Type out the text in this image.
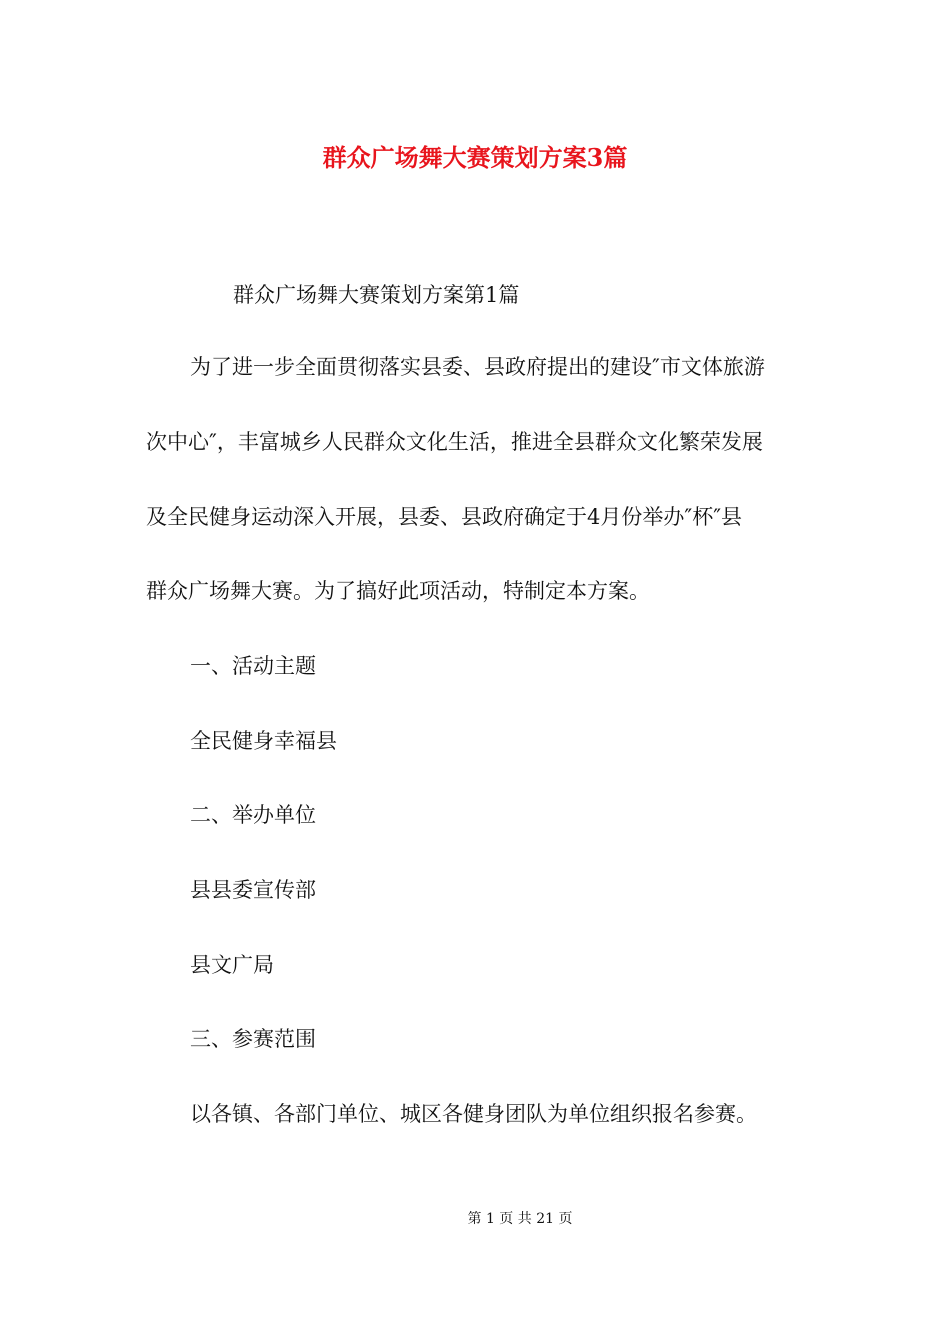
群众广场舞大赛策划方案3篇

群众广场舞大赛策划方案第1篇

为了进一步全面贯彻落实县委、县政府提出的建设″市文体旅游

次中心″，丰富城乡人民群众文化生活，推进全县群众文化繁荣发展

及全民健身运动深入开展，县委、县政府确定于4月份举办″杯″县

群众广场舞大赛。为了搞好此项活动，特制定本方案。

一、活动主题

全民健身幸福县

二、举办单位

县县委宣传部

县文广局

三、参赛范围

以各镇、各部门单位、城区各健身团队为单位组织报名参赛。

第 1 页 共 21 页
